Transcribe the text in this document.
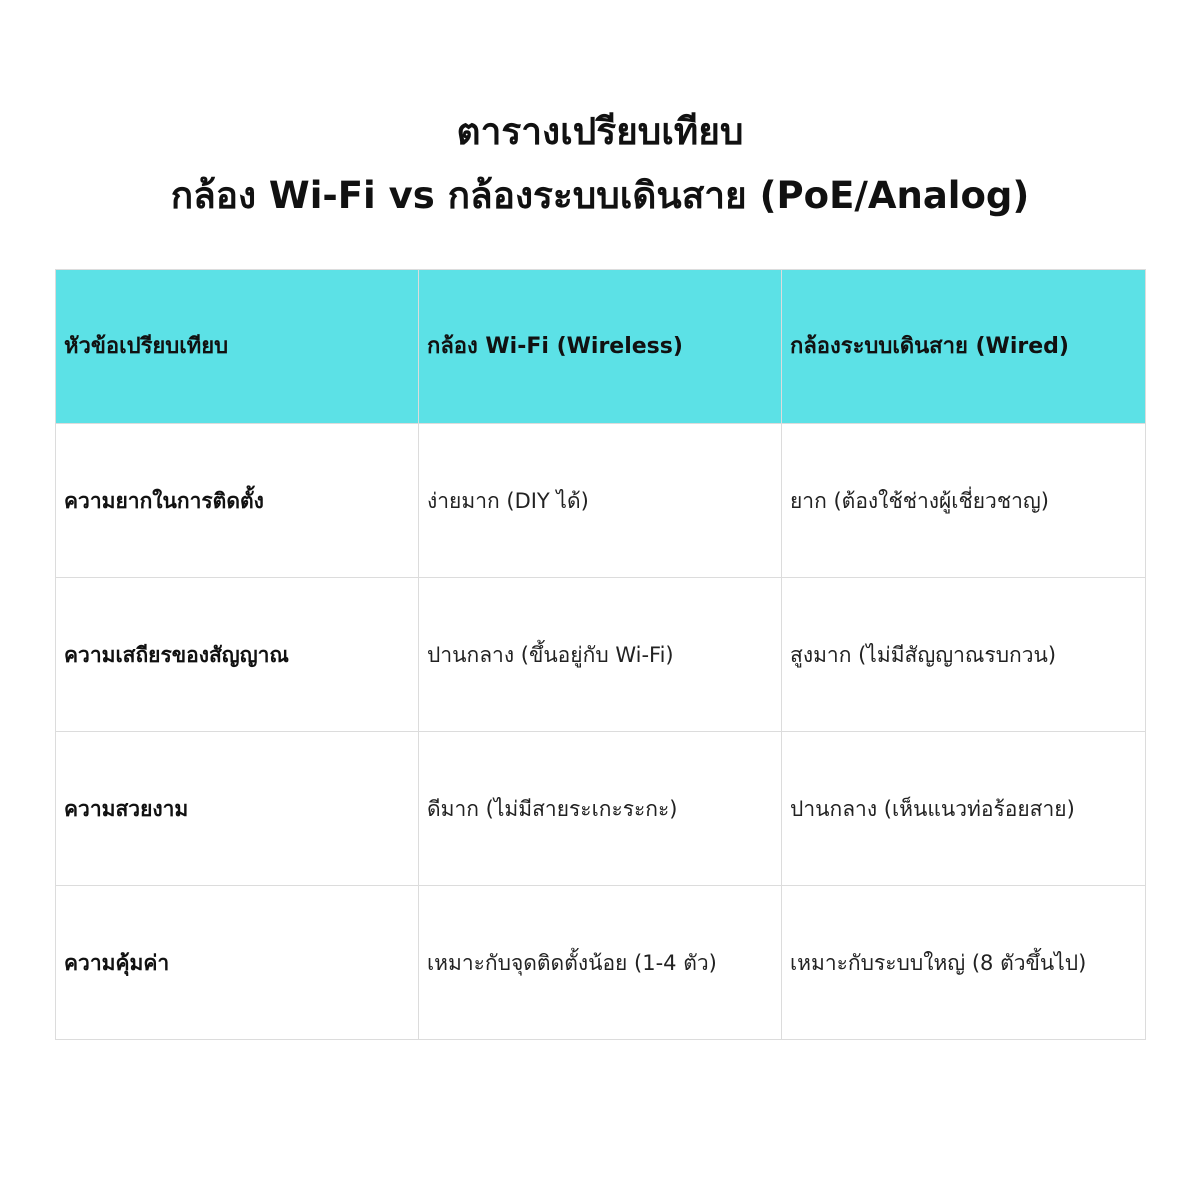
ตารางเปรียบเทียบ
กล้อง Wi-Fi vs กล้องระบบเดินสาย (PoE/Analog)
หัวข้อเปรียบเทียบ	กล้อง Wi-Fi (Wireless)	กล้องระบบเดินสาย (Wired)
ความยากในการติดตั้ง	ง่ายมาก (DIY ได้)	ยาก (ต้องใช้ช่างผู้เชี่ยวชาญ)
ความเสถียรของสัญญาณ	ปานกลาง (ขึ้นอยู่กับ Wi-Fi)	สูงมาก (ไม่มีสัญญาณรบกวน)
ความสวยงาม	ดีมาก (ไม่มีสายระเกะระกะ)	ปานกลาง (เห็นแนวท่อร้อยสาย)
ความคุ้มค่า	เหมาะกับจุดติดตั้งน้อย (1-4 ตัว)	เหมาะกับระบบใหญ่ (8 ตัวขึ้นไป)
